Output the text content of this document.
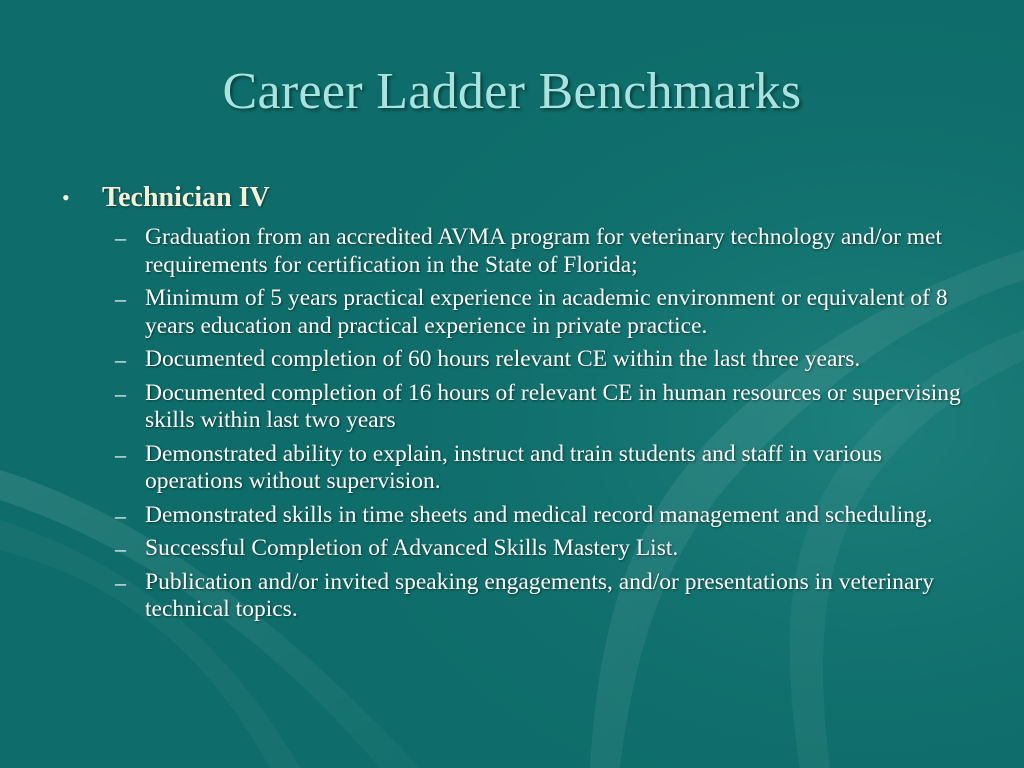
Career Ladder Benchmarks
•	Technician IV
– Graduation from an accredited AVMA program for veterinary technology and/or met requirements for certification in the State of Florida;
– Minimum of 5 years practical experience in academic environment or equivalent of 8 years education and practical experience in private practice.
– Documented completion of 60 hours relevant CE within the last three years.
– Documented completion of 16 hours of relevant CE in human resources or supervising skills within last two years
– Demonstrated ability to explain, instruct and train students and staff in various operations without supervision.
– Demonstrated skills in time sheets and medical record management and scheduling.
– Successful Completion of Advanced Skills Mastery List.
– Publication and/or invited speaking engagements, and/or presentations in veterinary technical topics.
